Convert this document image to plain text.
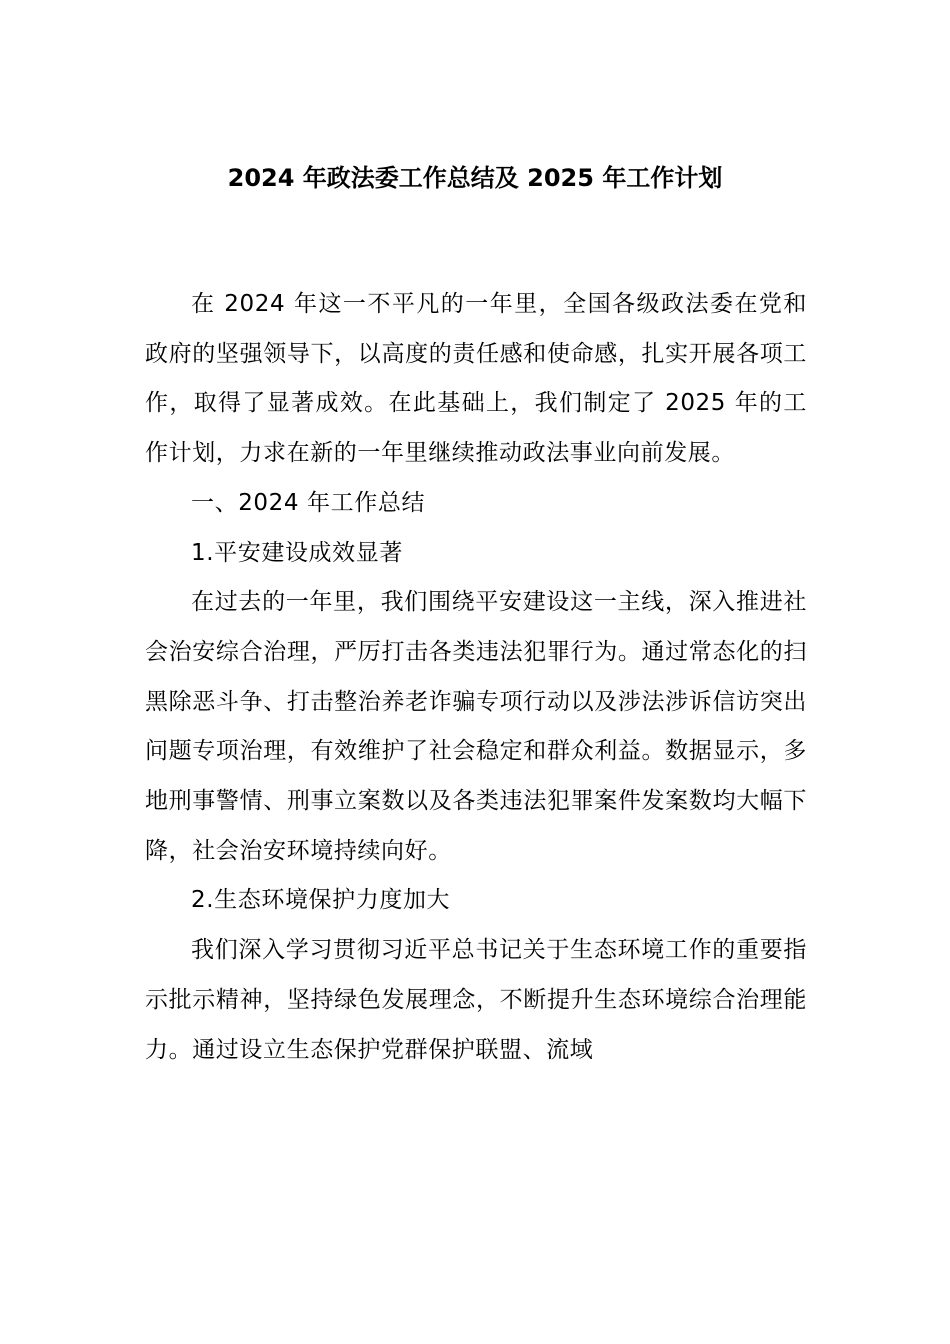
2024 年政法委工作总结及 2025 年工作计划

在 2024 年这一不平凡的一年里，全国各级政法委在党和政府的坚强领导下，以高度的责任感和使命感，扎实开展各项工作，取得了显著成效。在此基础上，我们制定了 2025 年的工作计划，力求在新的一年里继续推动政法事业向前发展。

一、2024 年工作总结

1.平安建设成效显著

在过去的一年里，我们围绕平安建设这一主线，深入推进社会治安综合治理，严厉打击各类违法犯罪行为。通过常态化的扫黑除恶斗争、打击整治养老诈骗专项行动以及涉法涉诉信访突出问题专项治理，有效维护了社会稳定和群众利益。数据显示，多地刑事警情、刑事立案数以及各类违法犯罪案件发案数均大幅下降，社会治安环境持续向好。

2.生态环境保护力度加大

我们深入学习贯彻习近平总书记关于生态环境工作的重要指示批示精神，坚持绿色发展理念，不断提升生态环境综合治理能力。通过设立生态保护党群保护联盟、流域
